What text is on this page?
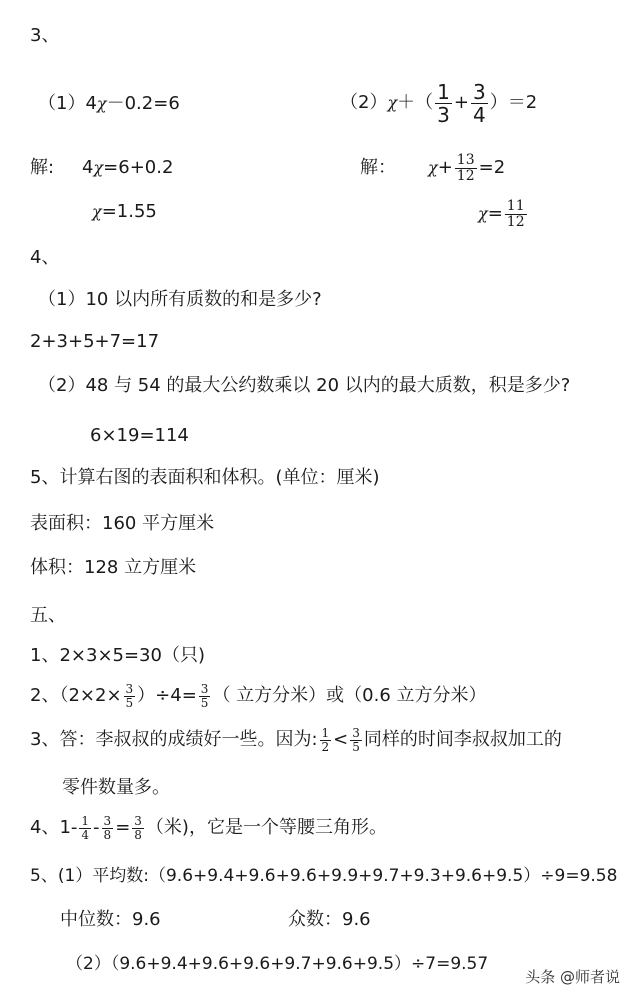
3、
（1）4χ－0.2=6	$(2)\chi+( \frac{1}{3} + \frac{3}{4} )=2$
解: 4χ=6+0.2
χ=1.55
解： $\chi+ \frac{13}{12} =2$
$\chi= \frac{11}{12}$
4、
（1）10 以内所有质数的和是多少?
2+3+5+7=17
（2）48 与 54 的最大公约数乘以 20 以内的最大质数，积是多少?
6×19=114
5、计算右图的表面积和体积。(单位：厘米)
表面积：160 平方厘米
体积：128 立方厘米
五、
1、2×3×5=30（只)
2、$(2\times 2\times \frac{3}{5} )\div 4= \frac{3}{5}$ （ 立方分米）或（0.6 立方分米）
3、答：李叔叔的成绩好一些。因为: $\frac{1}{2} < \frac{3}{5}$ 同样的时间李叔叔加工的
零件数量多。
4、$1- \frac{1}{4} - \frac{3}{8} = \frac{3}{8}$ （米)，它是一个等腰三角形。
5、(1）平均数:（9.6+9.4+9.6+9.6+9.9+9.7+9.3+9.6+9.5）÷9=9.58
中位数：9.6	众数：9.6
（2）（9.6+9.4+9.6+9.6+9.7+9.6+9.5）÷7=9.57
头条 @师者说
